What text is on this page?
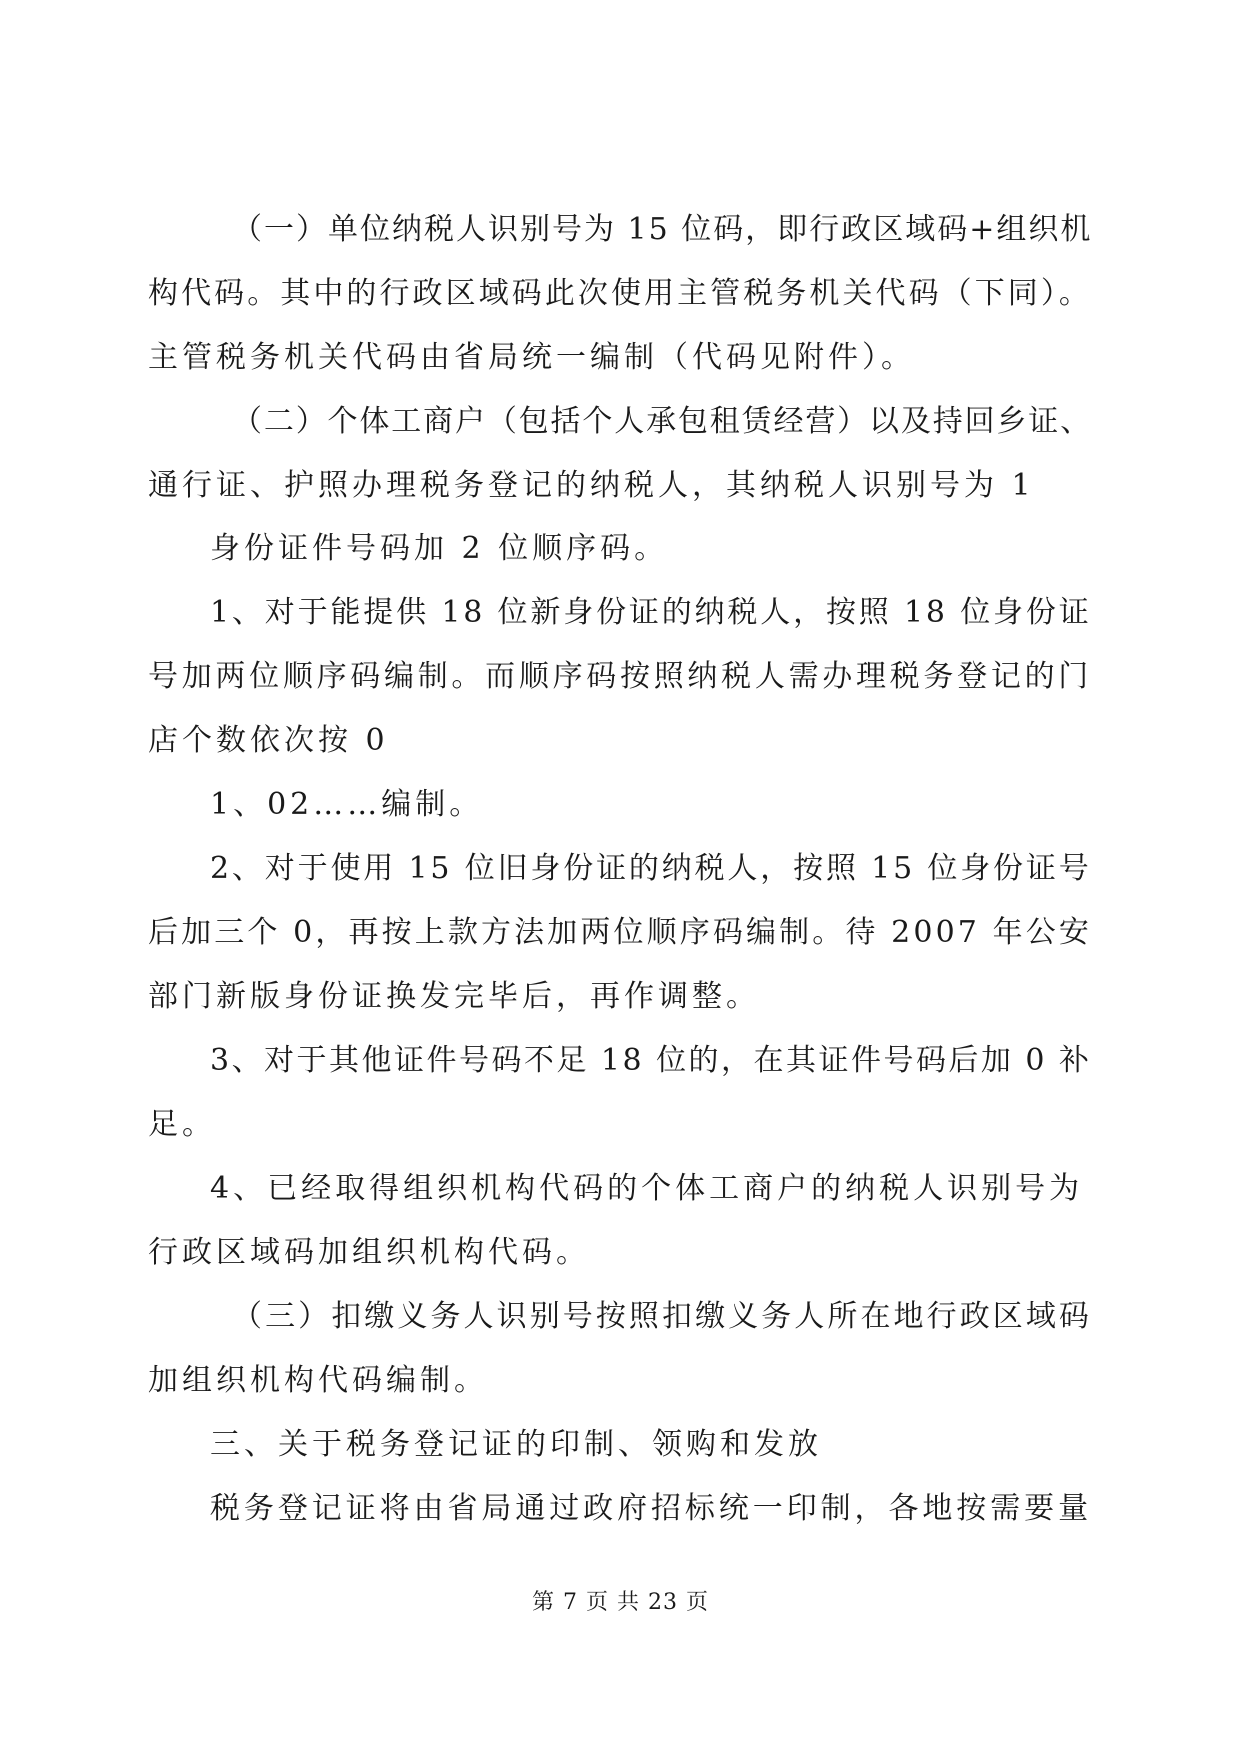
（一）单位纳税人识别号为 15 位码，即行政区域码+组织机
构代码。其中的行政区域码此次使用主管税务机关代码（下同）。
主管税务机关代码由省局统一编制（代码见附件）。
（二）个体工商户（包括个人承包租赁经营）以及持回乡证、
通行证、护照办理税务登记的纳税人，其纳税人识别号为 1
身份证件号码加 2 位顺序码。
1、对于能提供 18 位新身份证的纳税人，按照 18 位身份证
号加两位顺序码编制。而顺序码按照纳税人需办理税务登记的门
店个数依次按 0
1、02……编制。
2、对于使用 15 位旧身份证的纳税人，按照 15 位身份证号
后加三个 0，再按上款方法加两位顺序码编制。待 2007 年公安
部门新版身份证换发完毕后，再作调整。
3、对于其他证件号码不足 18 位的，在其证件号码后加 0 补
足。
4、已经取得组织机构代码的个体工商户的纳税人识别号为
行政区域码加组织机构代码。
（三）扣缴义务人识别号按照扣缴义务人所在地行政区域码
加组织机构代码编制。
三、关于税务登记证的印制、领购和发放
税务登记证将由省局通过政府招标统一印制，各地按需要量
第 7 页 共 23 页
